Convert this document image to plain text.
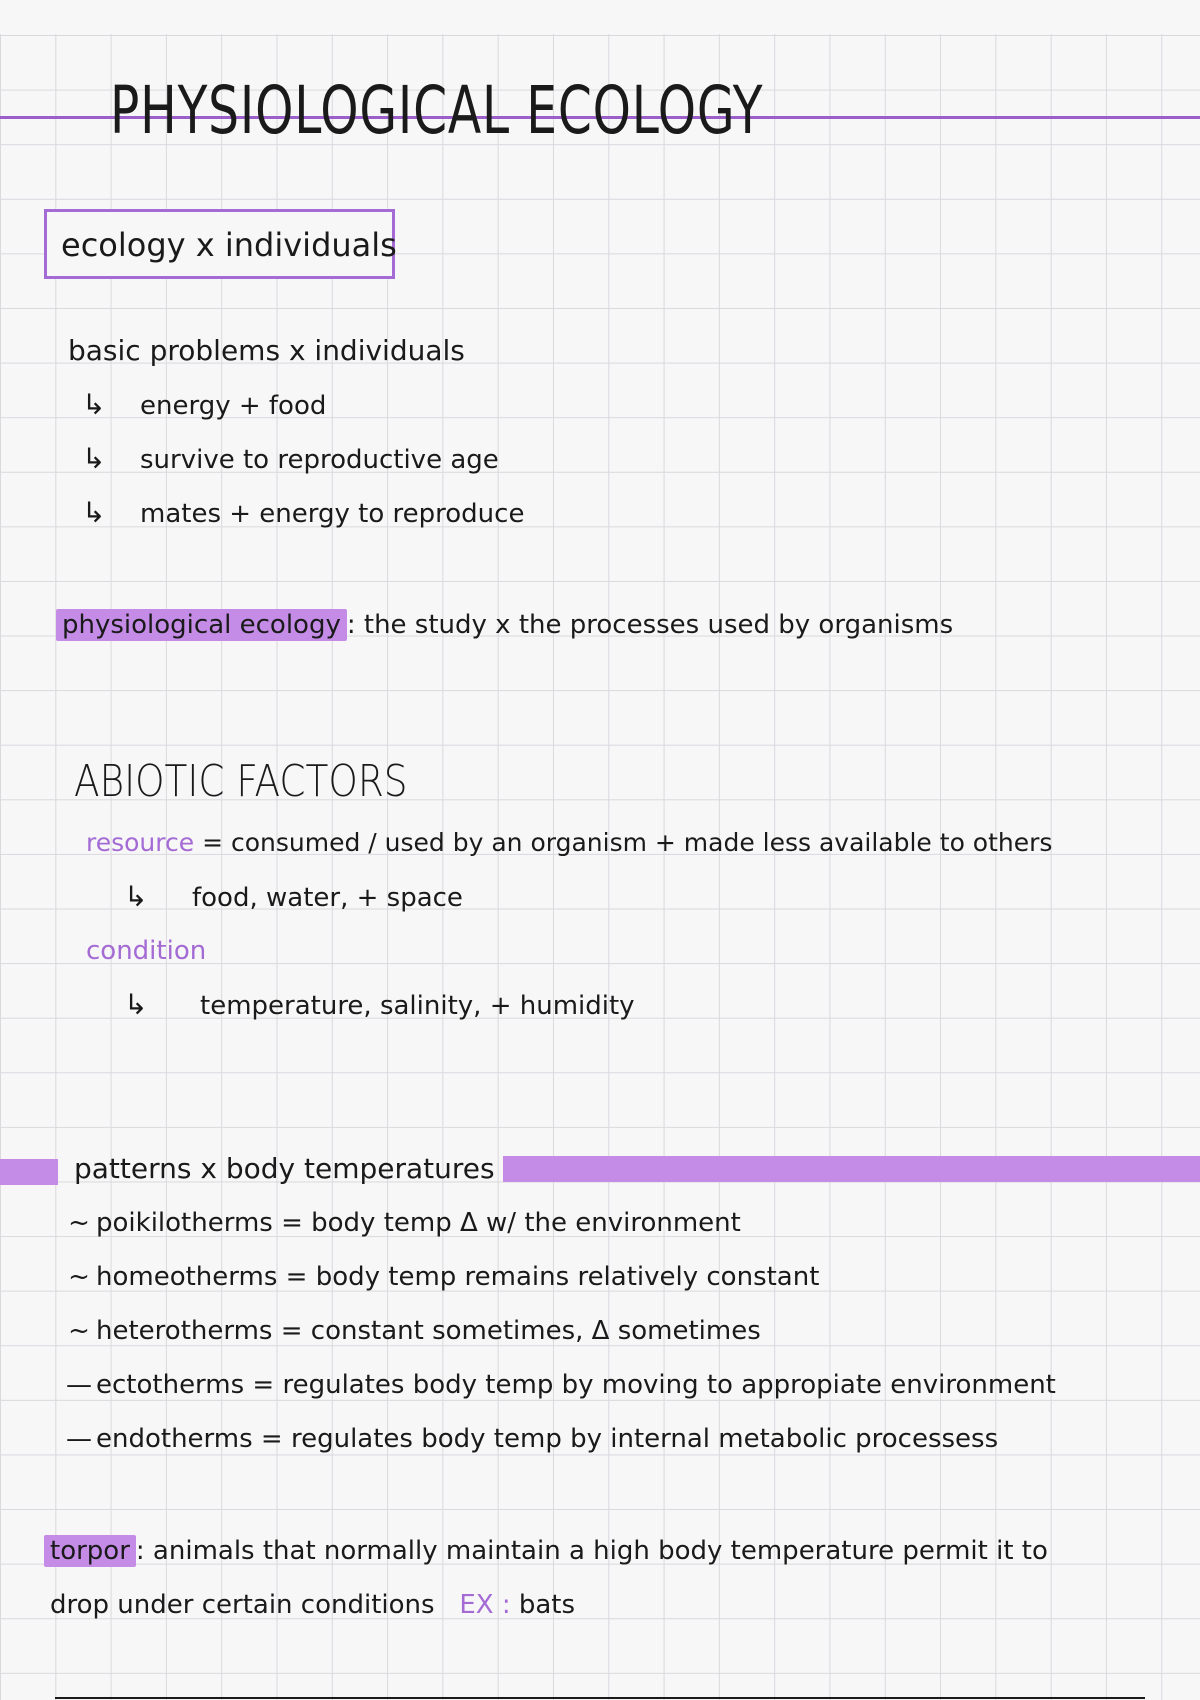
PHYSIOLOGICAL ECOLOGY
ecology x individuals
basic problems x individuals
↳ energy + food
↳ survive to reproductive age
↳ mates + energy to reproduce
physiological ecology : the study x the processes used by organisms
ABIOTIC FACTORS
resource = consumed / used by an organism + made less available to others
↳ food, water, + space
condition
↳ temperature, salinity, + humidity
patterns x body temperatures
~ poikilotherms = body temp Δ w/ the environment
~ homeotherms = body temp remains relatively constant
~ heterotherms = constant sometimes, Δ sometimes
— ectotherms = regulates body temp by moving to appropiate environment
— endotherms = regulates body temp by internal metabolic processess
torpor : animals that normally maintain a high body temperature permit it to
drop under certain conditions EX : bats
